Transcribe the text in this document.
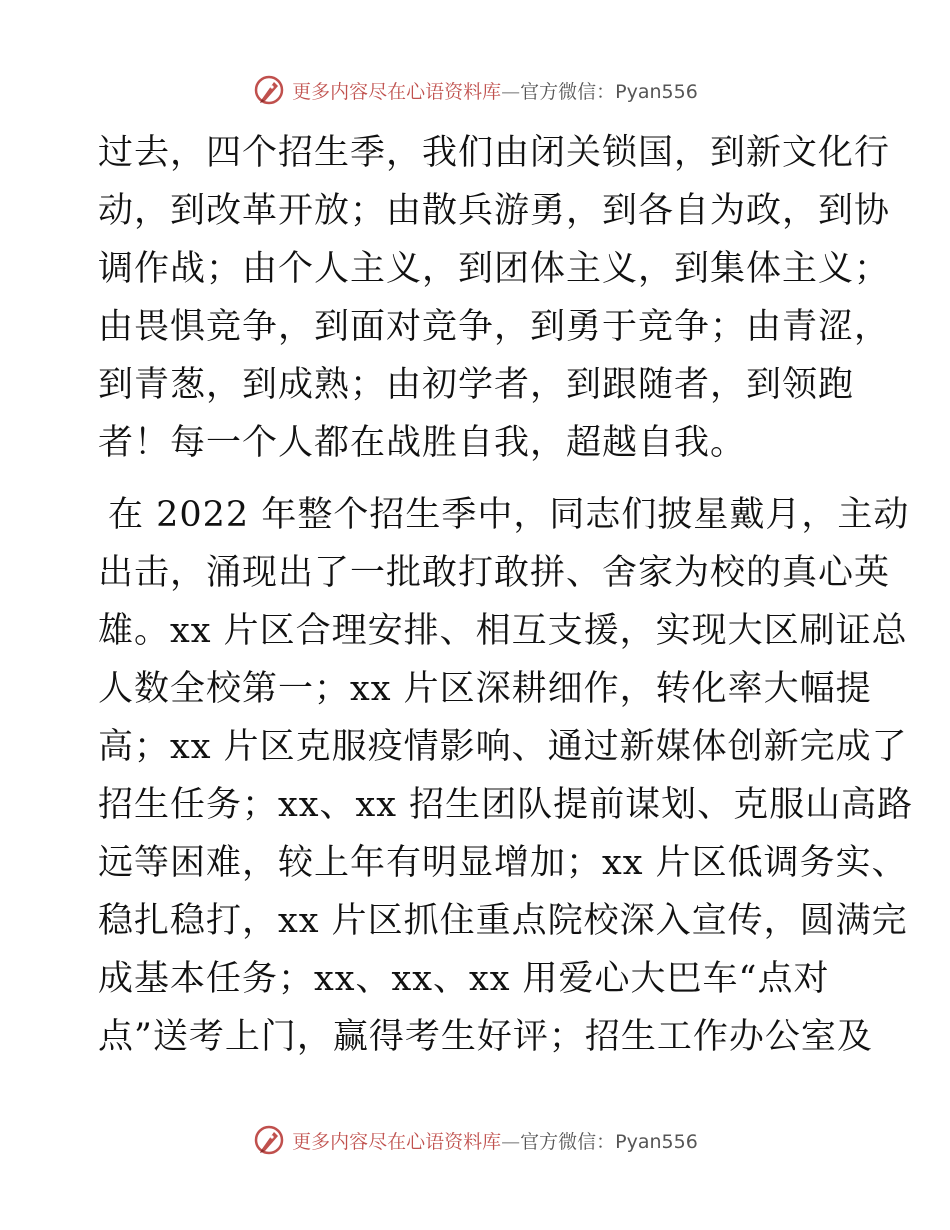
更多内容尽在心语资料库—官方微信：Pyan556
过去，四个招生季，我们由闭关锁国，到新文化行
动，到改革开放；由散兵游勇，到各自为政，到协
调作战；由个人主义，到团体主义，到集体主义；
由畏惧竞争，到面对竞争，到勇于竞争；由青涩，
到青葱，到成熟；由初学者，到跟随者，到领跑
者！每一个人都在战胜自我，超越自我。
在 2022 年整个招生季中，同志们披星戴月，主动
出击，涌现出了一批敢打敢拼、舍家为校的真心英
雄。xx 片区合理安排、相互支援，实现大区刷证总
人数全校第一；xx 片区深耕细作，转化率大幅提
高；xx 片区克服疫情影响、通过新媒体创新完成了
招生任务；xx、xx 招生团队提前谋划、克服山高路
远等困难，较上年有明显增加；xx 片区低调务实、
稳扎稳打，xx 片区抓住重点院校深入宣传，圆满完
成基本任务；xx、xx、xx 用爱心大巴车“点对
点”送考上门，赢得考生好评；招生工作办公室及
更多内容尽在心语资料库—官方微信：Pyan556
